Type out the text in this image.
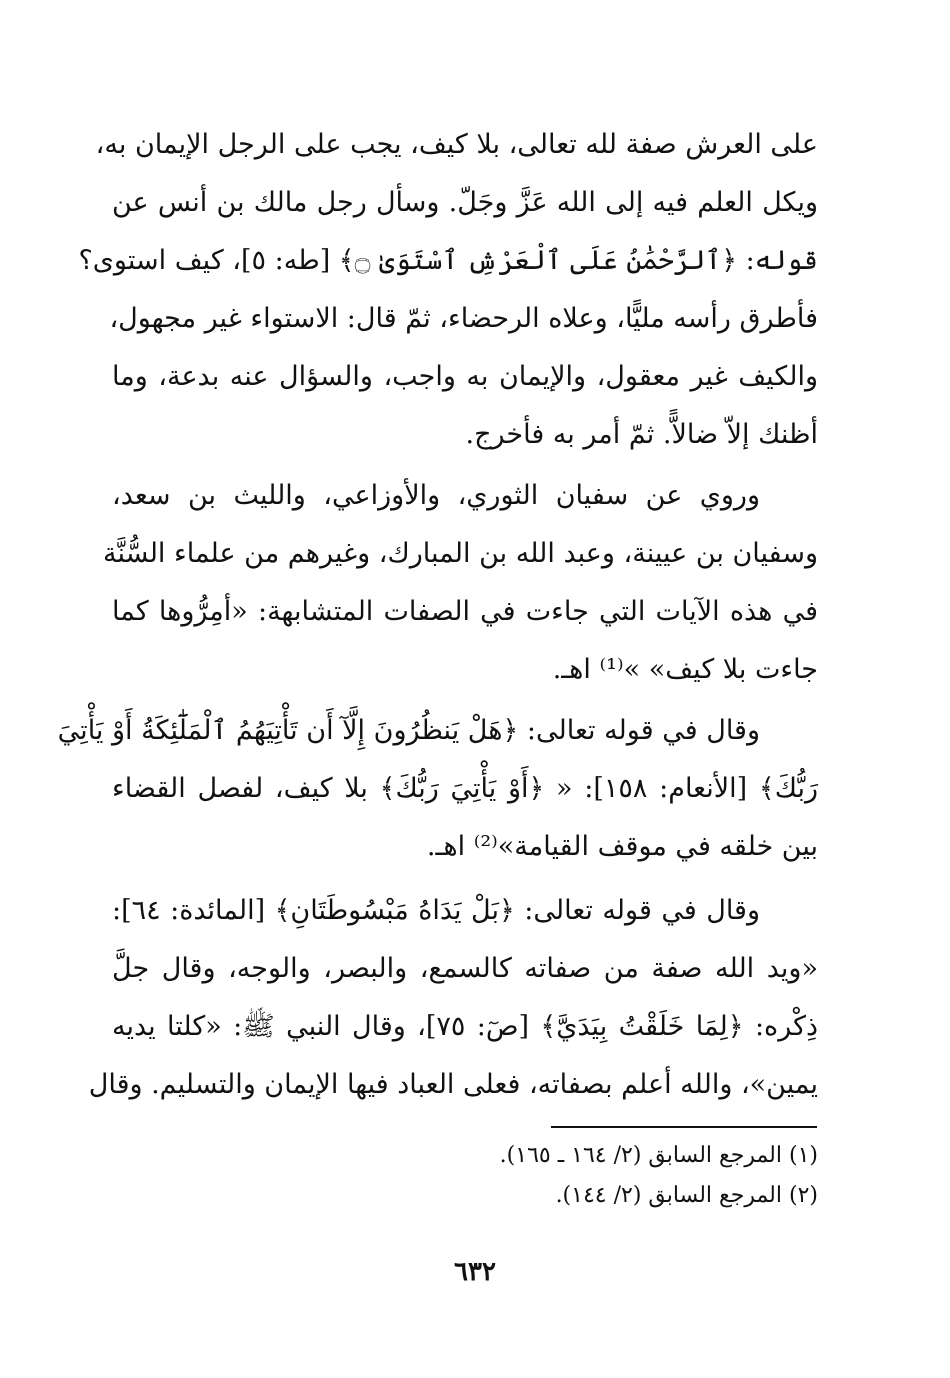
على العرش صفة لله تعالى، بلا كيف، يجب على الرجل الإيمان به،
ويكل العلم فيه إلى الله عَزَّ وجَلّ. وسأل رجل مالك بن أنس عن
قوله: ﴿ٱلرَّحْمَٰنُ عَلَى ٱلْعَرْشِ ٱسْتَوَىٰ ۝﴾ [طه: ٥]، كيف استوى؟
فأطرق رأسه مليًّا، وعلاه الرحضاء، ثمّ قال: الاستواء غير مجهول،
والكيف غير معقول، والإيمان به واجب، والسؤال عنه بدعة، وما
أظنك إلاّ ضالاًّ. ثمّ أمر به فأخرج.
وروي عن سفيان الثوري، والأوزاعي، والليث بن سعد،
وسفيان بن عيينة، وعبد الله بن المبارك، وغيرهم من علماء السُّنَّة
في هذه الآيات التي جاءت في الصفات المتشابهة: «أمِرُّوها كما
جاءت بلا كيف» »⁽¹⁾ اهـ.
وقال في قوله تعالى: ﴿هَلْ يَنظُرُونَ إِلَّآ أَن تَأْتِيَهُمُ ٱلْمَلَٰٓئِكَةُ أَوْ يَأْتِيَ
رَبُّكَ﴾ [الأنعام: ١٥٨]: « ﴿أَوْ يَأْتِيَ رَبُّكَ﴾ بلا كيف، لفصل القضاء
بين خلقه في موقف القيامة»⁽²⁾ اهـ.
وقال في قوله تعالى: ﴿بَلْ يَدَاهُ مَبْسُوطَتَانِ﴾ [المائدة: ٦٤]:
«ويد الله صفة من صفاته كالسمع، والبصر، والوجه، وقال جلَّ
ذِكْره: ﴿لِمَا خَلَقْتُ بِيَدَيَّ﴾ [صٓ: ٧٥]، وقال النبي ﷺ: «كلتا يديه
يمين»، والله أعلم بصفاته، فعلى العباد فيها الإيمان والتسليم. وقال
(١) المرجع السابق (٢/ ١٦٤ ـ ١٦٥).
(٢) المرجع السابق (٢/ ١٤٤).
٦٣٢
